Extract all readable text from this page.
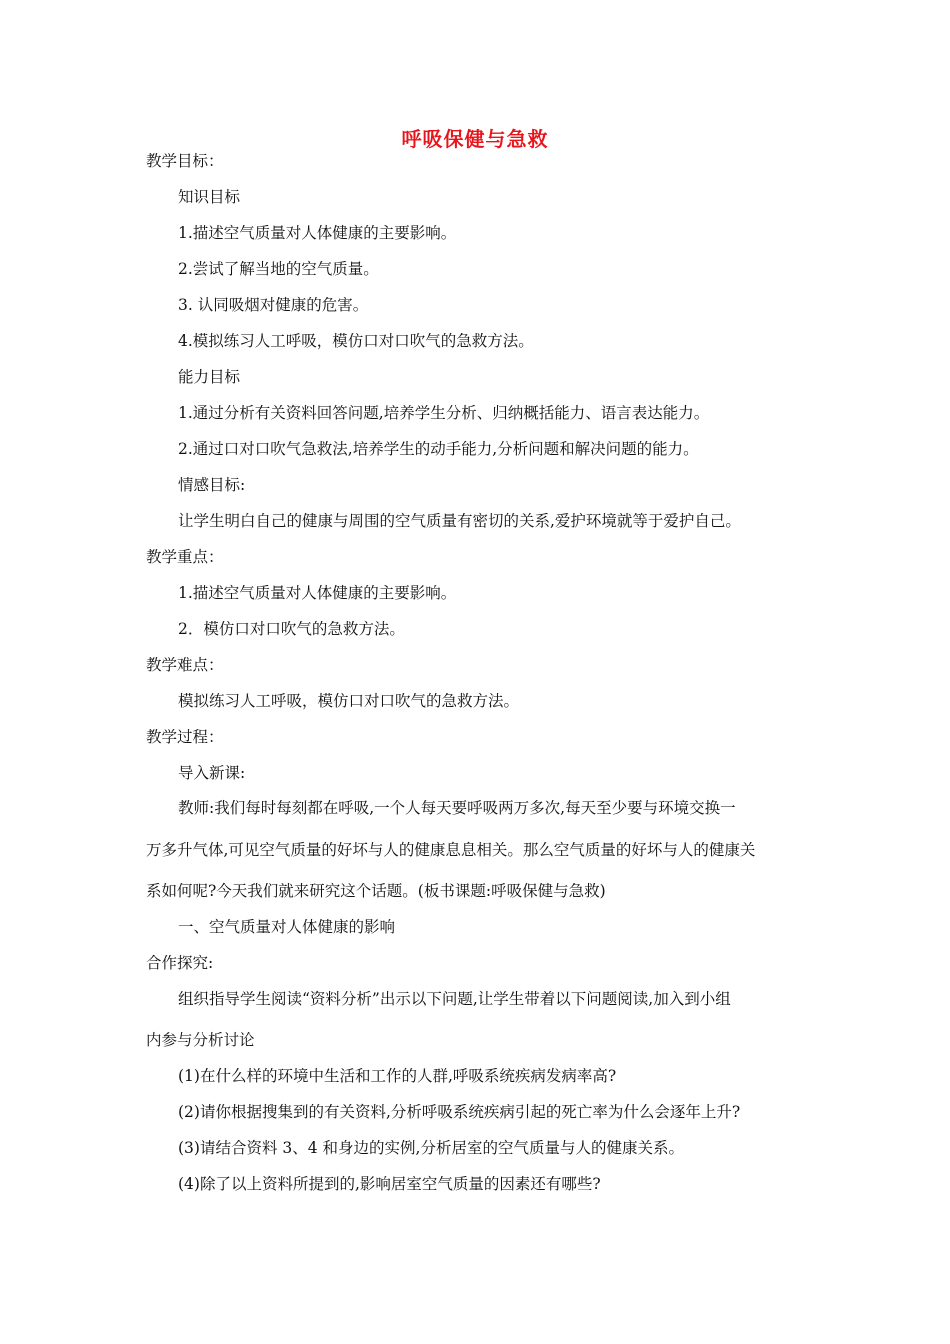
呼吸保健与急救
教学目标：
知识目标
1.描述空气质量对人体健康的主要影响。
2.尝试了解当地的空气质量。
3. 认同吸烟对健康的危害。
4.模拟练习人工呼吸，模仿口对口吹气的急救方法。
能力目标
1.通过分析有关资料回答问题,培养学生分析、归纳概括能力、语言表达能力。
2.通过口对口吹气急救法,培养学生的动手能力,分析问题和解决问题的能力。
情感目标:
让学生明白自己的健康与周围的空气质量有密切的关系,爱护环境就等于爱护自己。
教学重点：
1.描述空气质量对人体健康的主要影响。
2．模仿口对口吹气的急救方法。
教学难点：
模拟练习人工呼吸，模仿口对口吹气的急救方法。
教学过程：
导入新课:
教师:我们每时每刻都在呼吸,一个人每天要呼吸两万多次,每天至少要与环境交换一
万多升气体,可见空气质量的好坏与人的健康息息相关。那么空气质量的好坏与人的健康关
系如何呢?今天我们就来研究这个话题。(板书课题:呼吸保健与急救)
一、空气质量对人体健康的影响
合作探究:
组织指导学生阅读“资料分析”出示以下问题,让学生带着以下问题阅读,加入到小组
内参与分析讨论
(1)在什么样的环境中生活和工作的人群,呼吸系统疾病发病率高?
(2)请你根据搜集到的有关资料,分析呼吸系统疾病引起的死亡率为什么会逐年上升?
(3)请结合资料 3、4 和身边的实例,分析居室的空气质量与人的健康关系。
(4)除了以上资料所提到的,影响居室空气质量的因素还有哪些?
